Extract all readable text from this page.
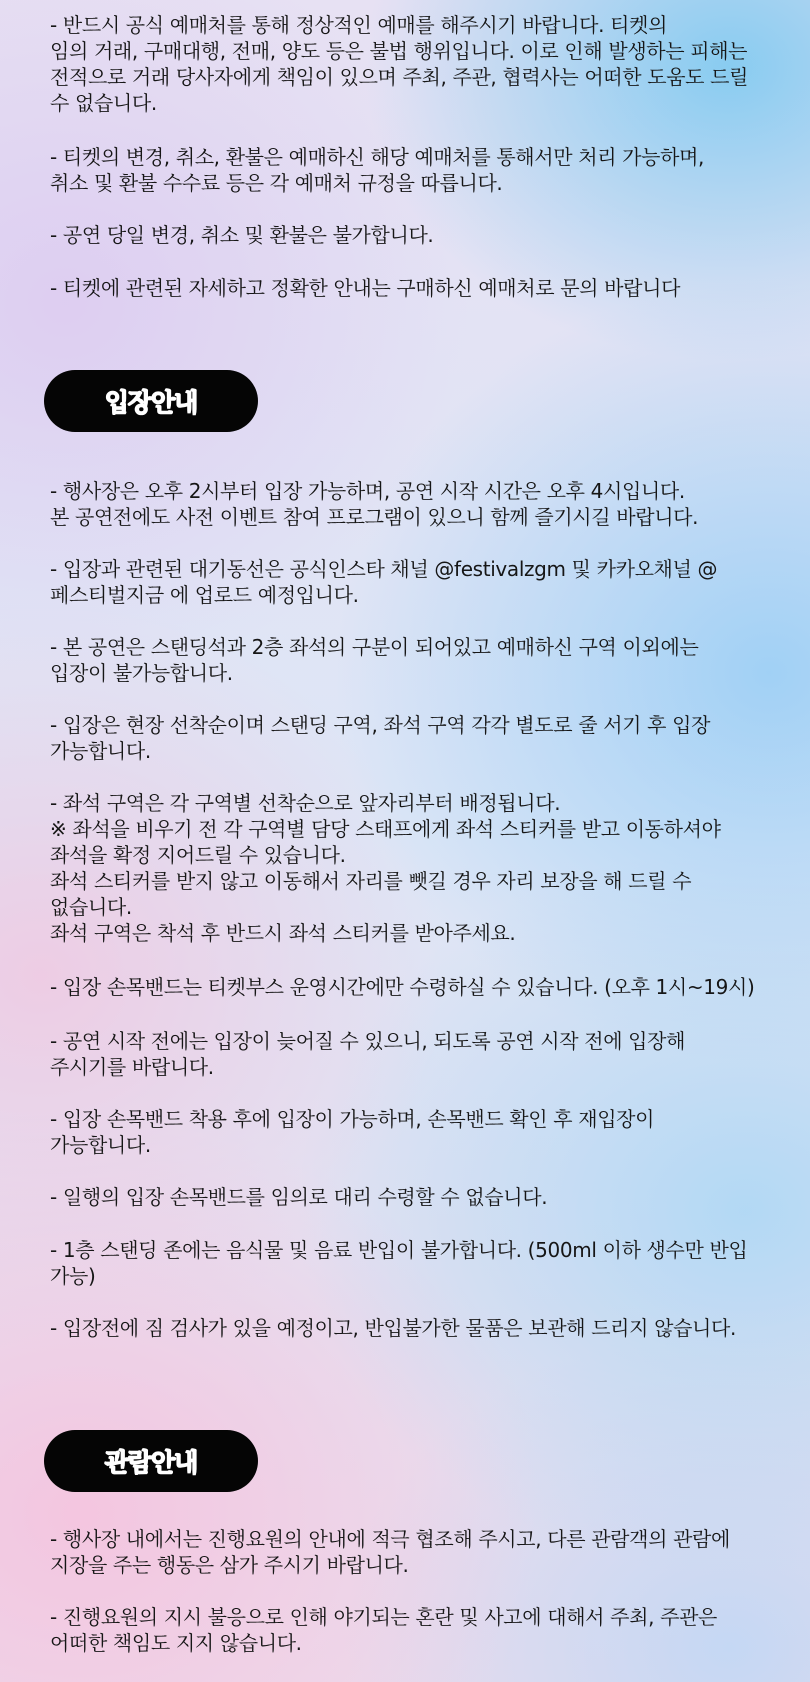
- 반드시 공식 예매처를 통해 정상적인 예매를 해주시기 바랍니다. 티켓의
임의 거래, 구매대행, 전매, 양도 등은 불법 행위입니다. 이로 인해 발생하는 피해는
전적으로 거래 당사자에게 책임이 있으며 주최, 주관, 협력사는 어떠한 도움도 드릴
수 없습니다.

- 티켓의 변경, 취소, 환불은 예매하신 해당 예매처를 통해서만 처리 가능하며,
취소 및 환불 수수료 등은 각 예매처 규정을 따릅니다.

- 공연 당일 변경, 취소 및 환불은 불가합니다.

- 티켓에 관련된 자세하고 정확한 안내는 구매하신 예매처로 문의 바랍니다

입장안내

- 행사장은 오후 2시부터 입장 가능하며, 공연 시작 시간은 오후 4시입니다.
본 공연전에도 사전 이벤트 참여 프로그램이 있으니 함께 즐기시길 바랍니다.

- 입장과 관련된 대기동선은 공식인스타 채널 @festivalzgm 및 카카오채널 @
페스티벌지금 에 업로드 예정입니다.

- 본 공연은 스탠딩석과 2층 좌석의 구분이 되어있고 예매하신 구역 이외에는
입장이 불가능합니다.

- 입장은 현장 선착순이며 스탠딩 구역, 좌석 구역 각각 별도로 줄 서기 후 입장
가능합니다.

- 좌석 구역은 각 구역별 선착순으로 앞자리부터 배정됩니다.
※ 좌석을 비우기 전 각 구역별 담당 스태프에게 좌석 스티커를 받고 이동하셔야
좌석을 확정 지어드릴 수 있습니다.
좌석 스티커를 받지 않고 이동해서 자리를 뺏길 경우 자리 보장을 해 드릴 수
없습니다.
좌석 구역은 착석 후 반드시 좌석 스티커를 받아주세요.

- 입장 손목밴드는 티켓부스 운영시간에만 수령하실 수 있습니다. (오후 1시~19시)

- 공연 시작 전에는 입장이 늦어질 수 있으니, 되도록 공연 시작 전에 입장해
주시기를 바랍니다.

- 입장 손목밴드 착용 후에 입장이 가능하며, 손목밴드 확인 후 재입장이
가능합니다.

- 일행의 입장 손목밴드를 임의로 대리 수령할 수 없습니다.

- 1층 스탠딩 존에는 음식물 및 음료 반입이 불가합니다. (500ml 이하 생수만 반입
가능)

- 입장전에 짐 검사가 있을 예정이고, 반입불가한 물품은 보관해 드리지 않습니다.

관람안내

- 행사장 내에서는 진행요원의 안내에 적극 협조해 주시고, 다른 관람객의 관람에
지장을 주는 행동은 삼가 주시기 바랍니다.

- 진행요원의 지시 불응으로 인해 야기되는 혼란 및 사고에 대해서 주최, 주관은
어떠한 책임도 지지 않습니다.
